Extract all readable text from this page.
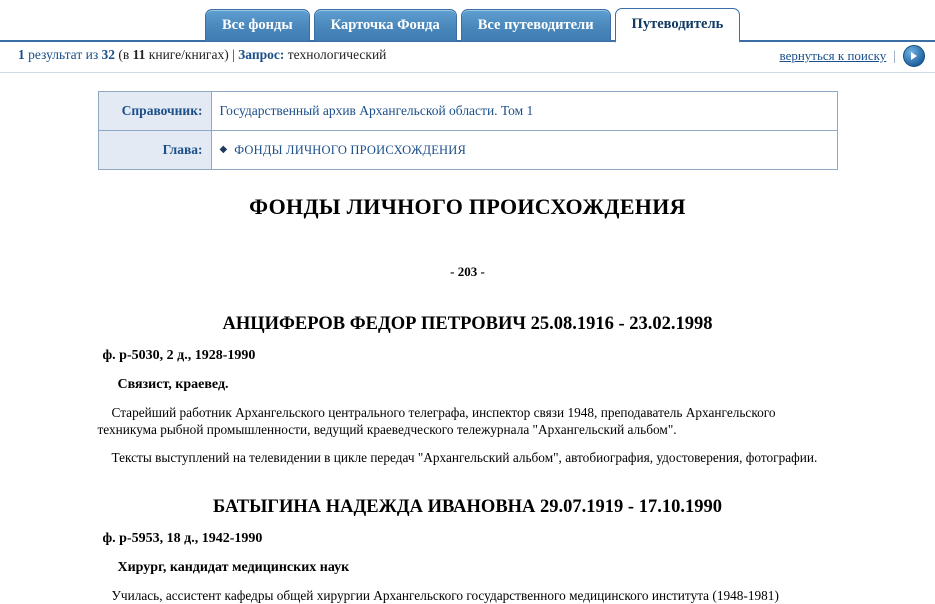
Все фонды	Карточка Фонда	Все путеводители	Путеводитель
1 результат из 32 (в 11 книге/книгах) | Запрос: технологический	вернуться к поиску |
Справочник:	Государственный архив Архангельской области. Том 1
Глава:	◆ ФОНДЫ ЛИЧНОГО ПРОИСХОЖДЕНИЯ
ФОНДЫ ЛИЧНОГО ПРОИСХОЖДЕНИЯ
- 203 -
АНЦИФЕРОВ ФЕДОР ПЕТРОВИЧ 25.08.1916 - 23.02.1998
ф. р-5030, 2 д., 1928-1990
Связист, краевед.
Старейший работник Архангельского центрального телеграфа, инспектор связи 1948, преподаватель Архангельского техникума рыбной промышленности, ведущий краеведческого тележурнала "Архангельский альбом".
Тексты выступлений на телевидении в цикле передач "Архангельский альбом", автобиография, удостоверения, фотографии.
БАТЫГИНА НАДЕЖДА ИВАНОВНА 29.07.1919 - 17.10.1990
ф. р-5953, 18 д., 1942-1990
Хирург, кандидат медицинских наук
Училась, ассистент кафедры общей хирургии Архангельского государственного медицинского института (1948-1981)
